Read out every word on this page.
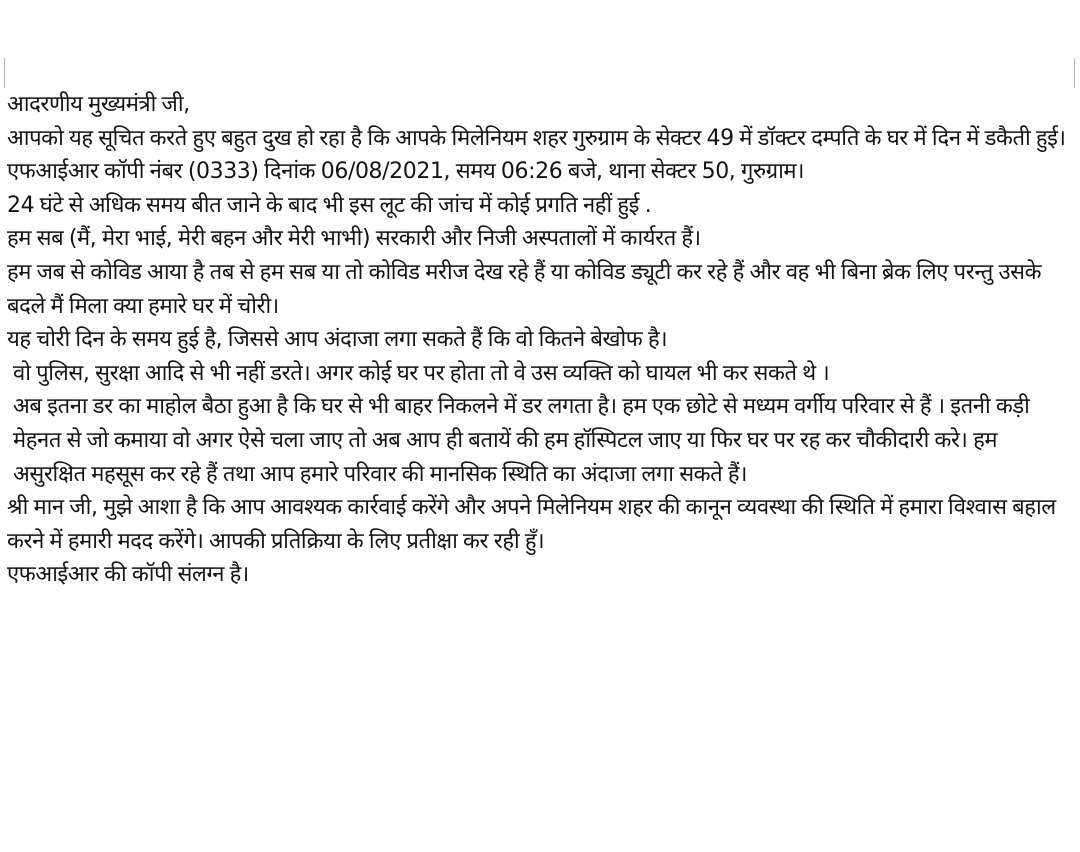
आदरणीय मुख्यमंत्री जी,

आपको यह सूचित करते हुए बहुत दुख हो रहा है कि आपके मिलेनियम शहर गुरुग्राम के सेक्टर 49 में डॉक्टर दम्पति के घर में दिन में डकैती हुई।

एफआईआर कॉपी नंबर (0333) दिनांक 06/08/2021, समय 06:26 बजे, थाना सेक्टर 50, गुरुग्राम।

24 घंटे से अधिक समय बीत जाने के बाद भी इस लूट की जांच में कोई प्रगति नहीं हुई .

हम सब (मैं, मेरा भाई, मेरी बहन और मेरी भाभी) सरकारी और निजी अस्पतालों में कार्यरत हैं।

हम जब से कोविड आया है तब से हम सब या तो कोविड मरीज देख रहे हैं या कोविड ड्यूटी कर रहे हैं और वह भी बिना ब्रेक लिए परन्तु उसके बदले मैं मिला क्या हमारे घर में चोरी।

यह चोरी दिन के समय हुई है, जिससे आप अंदाजा लगा सकते हैं कि वो कितने बेखोफ है।

वो पुलिस, सुरक्षा आदि से भी नहीं डरते। अगर कोई घर पर होता तो वे उस व्यक्ति को घायल भी कर सकते थे ।

अब इतना डर का माहोल बैठा हुआ है कि घर से भी बाहर निकलने में डर लगता है। हम एक छोटे से मध्यम वर्गीय परिवार से हैं । इतनी कड़ी मेहनत से जो कमाया वो अगर ऐसे चला जाए तो अब आप ही बतायें की हम हॉस्पिटल जाए या फिर घर पर रह कर चौकीदारी करे। हम असुरक्षित महसूस कर रहे हैं तथा आप हमारे परिवार की मानसिक स्थिति का अंदाजा लगा सकते हैं।

श्री मान जी, मुझे आशा है कि आप आवश्यक कार्रवाई करेंगे और अपने मिलेनियम शहर की कानून व्यवस्था की स्थिति में हमारा विश्वास बहाल करने में हमारी मदद करेंगे। आपकी प्रतिक्रिया के लिए प्रतीक्षा कर रही हुँ।

एफआईआर की कॉपी संलग्न है।
